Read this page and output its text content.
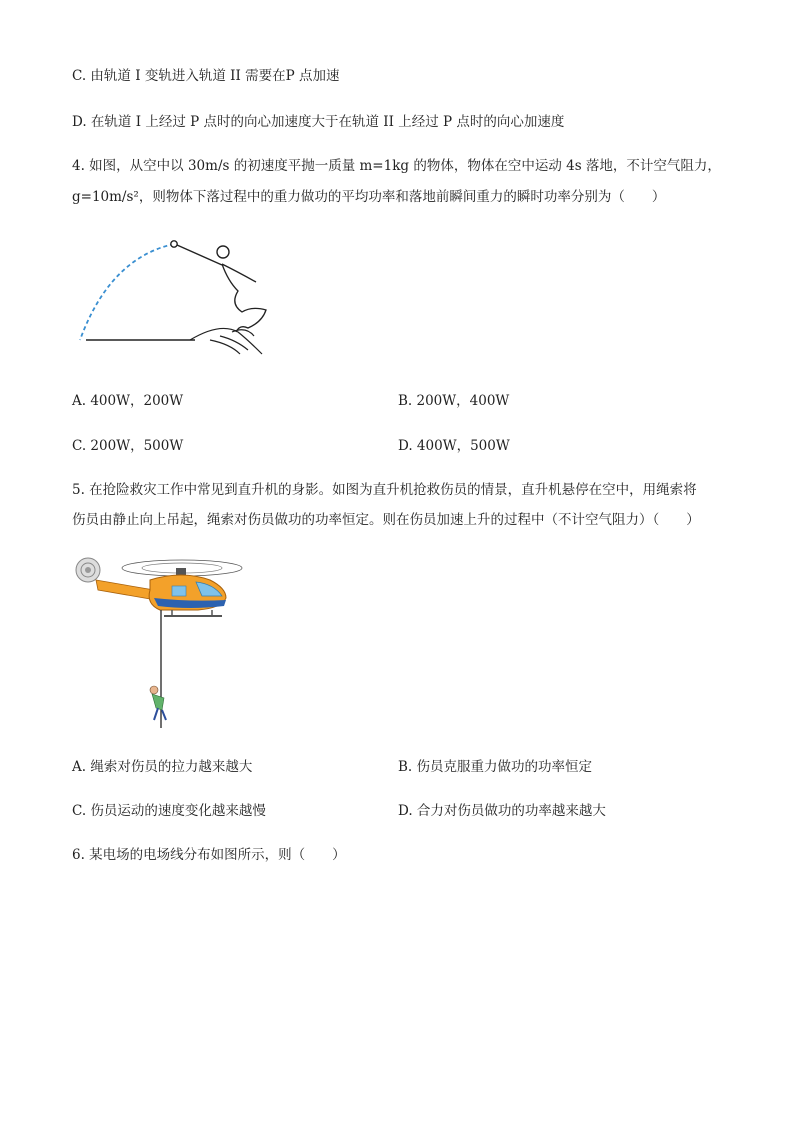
C. 由轨道 I 变轨进入轨道 II 需要在P 点加速
D. 在轨道 I 上经过 P 点时的向心加速度大于在轨道 II 上经过 P 点时的向心加速度
4. 如图，从空中以 30m/s 的初速度平抛一质量 m=1kg 的物体，物体在空中运动 4s 落地，不计空气阻力，
g=10m/s²，则物体下落过程中的重力做功的平均功率和落地前瞬间重力的瞬时功率分别为（　　）
A. 400W，200W	B. 200W，400W
C. 200W，500W	D. 400W，500W
5. 在抢险救灾工作中常见到直升机的身影。如图为直升机抢救伤员的情景，直升机悬停在空中，用绳索将
伤员由静止向上吊起，绳索对伤员做功的功率恒定。则在伤员加速上升的过程中（不计空气阻力）（　　）
A. 绳索对伤员的拉力越来越大	B. 伤员克服重力做功的功率恒定
C. 伤员运动的速度变化越来越慢	D. 合力对伤员做功的功率越来越大
6. 某电场的电场线分布如图所示，则（　　）
